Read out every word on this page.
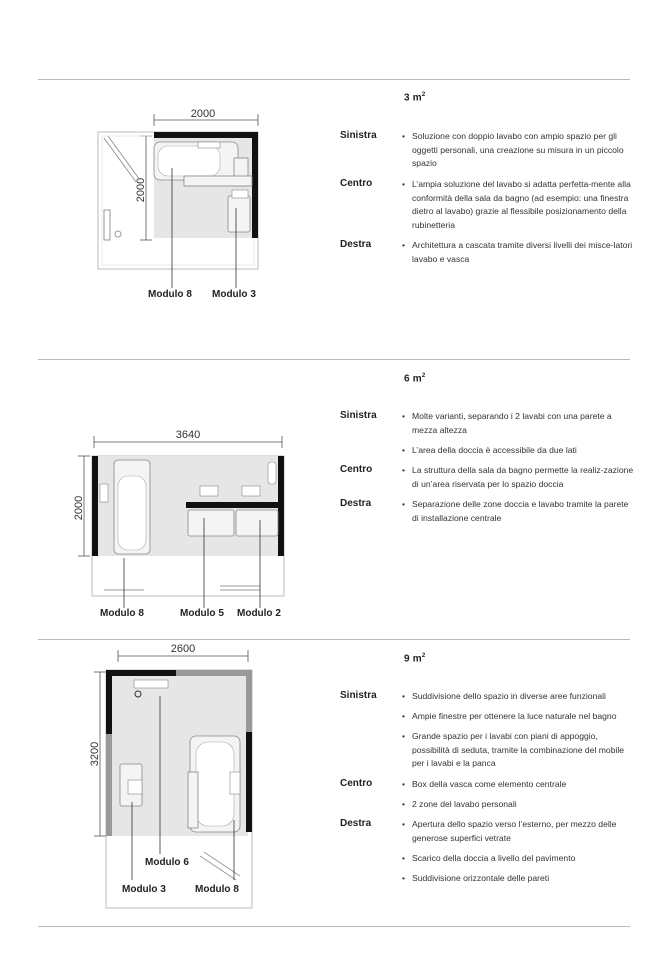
3 $m^2$
2000
2000
Modulo 8 Modulo 3
Sinistra	• Soluzione con doppio lavabo con ampio spazio per gli oggetti personali, una creazione su misura in un piccolo spazio
Centro	• L’ampia soluzione del lavabo si adatta perfetta-mente alla conformità della sala da bagno (ad esempio: una finestra dietro al lavabo) grazie al flessibile posizionamento della rubinetteria
Destra	• Architettura a cascata tramite diversi livelli dei misce-latori lavabo e vasca
6 $m^2$
3640
2000
Modulo 8	Modulo 5 Modulo 2
Sinistra	• Molte varianti, separando i 2 lavabi con una parete a mezza altezza
• L’area della doccia è accessibile da due lati
Centro	• La struttura della sala da bagno permette la realiz-zazione di un’area riservata per lo spazio doccia
Destra	• Separazione delle zone doccia e lavabo tramite la parete di installazione centrale
9 $m^2$
2600
3200
Modulo 6
Modulo 3	Modulo 8
Sinistra	• Suddivisione dello spazio in diverse aree funzionali
• Ampie finestre per ottenere la luce naturale nel bagno
• Grande spazio per i lavabi con piani di appoggio, possibilità di seduta, tramite la combinazione del mobile per i lavabi e la panca
Centro	• Box della vasca come elemento centrale
• 2 zone del lavabo personali
Destra	• Apertura dello spazio verso l’esterno, per mezzo delle generose superfici vetrate
• Scarico della doccia a livello del pavimento
• Suddivisione orizzontale delle pareti
